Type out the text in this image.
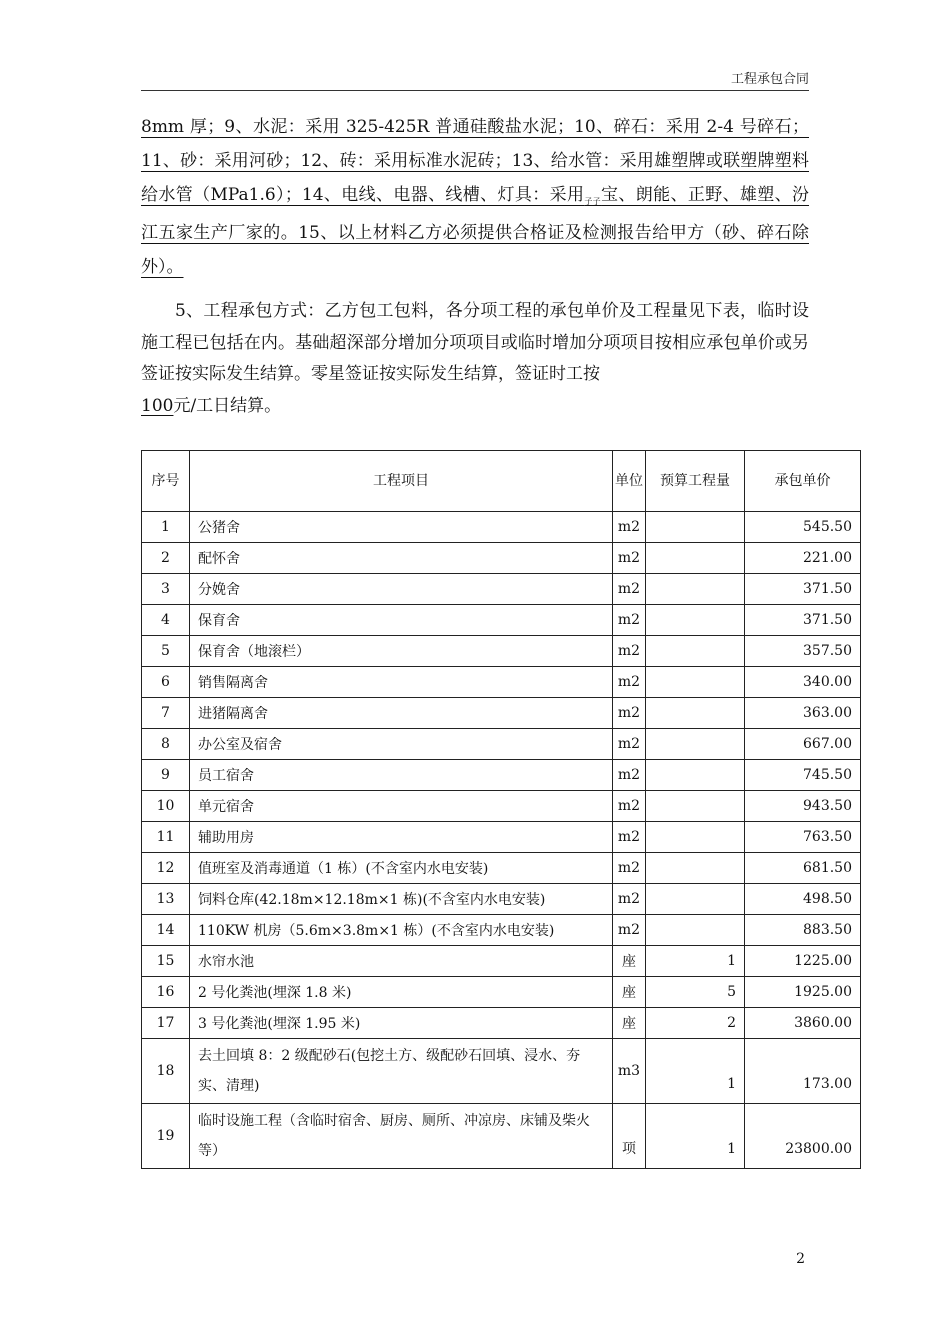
工程承包合同
8mm 厚；9、水泥：采用 325-425R 普通硅酸盐水泥；10、碎石：采用 2-4 号碎石；11、砂：采用河砂；12、砖：采用标准水泥砖；13、给水管：采用雄塑牌或联塑牌塑料给水管（MPa1.6）；14、电线、电器、线槽、灯具：采用$_{子子}$宝、朗能、正野、雄塑、汾江五家生产厂家的。15、以上材料乙方必须提供合格证及检测报告给甲方（砂、碎石除外）。
5、工程承包方式：乙方包工包料，各分项工程的承包单价及工程量见下表，临时设施工程已包括在内。基础超深部分增加分项项目或临时增加分项项目按相应承包单价或另签证按实际发生结算。零星签证按实际发生结算，签证时工按
100元/工日结算。
序号	工程项目	单位	预算工程量	承包单价
1	公猪舍	m2		545.50
2	配怀舍	m2		221.00
3	分娩舍	m2		371.50
4	保育舍	m2		371.50
5	保育舍（地滚栏）	m2		357.50
6	销售隔离舍	m2		340.00
7	进猪隔离舍	m2		363.00
8	办公室及宿舍	m2		667.00
9	员工宿舍	m2		745.50
10	单元宿舍	m2		943.50
11	辅助用房	m2		763.50
12	值班室及消毒通道（1 栋）(不含室内水电安装)	m2		681.50
13	饲料仓库(42.18m×12.18m×1 栋)(不含室内水电安装)	m2		498.50
14	110KW 机房（5.6m×3.8m×1 栋）(不含室内水电安装)	m2		883.50
15	水帘水池	座	1	1225.00
16	2 号化粪池(埋深 1.8 米)	座	5	1925.00
17	3 号化粪池(埋深 1.95 米)	座	2	3860.00
18	去土回填 8：2 级配砂石(包挖土方、级配砂石回填、浸水、夯实、清理)	m3	1	173.00
19	临时设施工程（含临时宿舍、厨房、厕所、冲凉房、床铺及柴火等）	项	1	23800.00
2
